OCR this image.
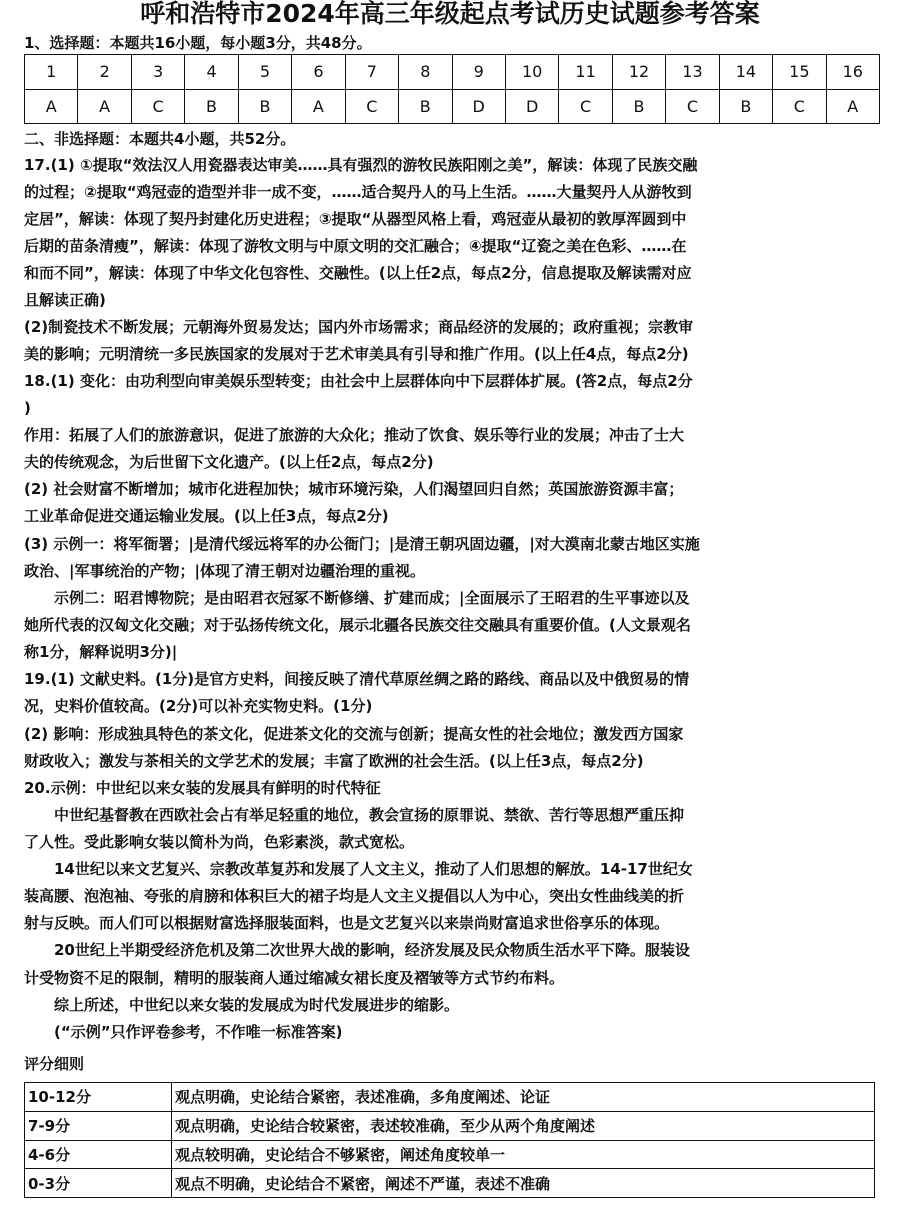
呼和浩特市2024年高三年级起点考试历史试题参考答案
1、选择题：本题共16小题，每小题3分，共48分。
1	2	3	4	5	6	7	8	9	10	11	12	13	14	15	16
A	A	C	B	B	A	C	B	D	D	C	B	C	B	C	A
二、非选择题：本题共4小题，共52分。
17.(1) ①提取“效法汉人用瓷器表达审美……具有强烈的游牧民族阳刚之美”，解读：体现了民族交融
的过程；②提取“鸡冠壶的造型并非一成不变，……适合契丹人的马上生活。……大量契丹人从游牧到
定居”，解读：体现了契丹封建化历史进程；③提取“从器型风格上看，鸡冠壶从最初的敦厚浑圆到中
后期的苗条清瘦”，解读：体现了游牧文明与中原文明的交汇融合；④提取“辽瓷之美在色彩、……在
和而不同”，解读：体现了中华文化包容性、交融性。(以上任2点，每点2分，信息提取及解读需对应
且解读正确)
(2)制瓷技术不断发展；元朝海外贸易发达；国内外市场需求；商品经济的发展的；政府重视；宗教审
美的影响；元明清统一多民族国家的发展对于艺术审美具有引导和推广作用。(以上任4点，每点2分)
18.(1) 变化：由功利型向审美娱乐型转变；由社会中上层群体向中下层群体扩展。(答2点，每点2分
)
作用：拓展了人们的旅游意识，促进了旅游的大众化；推动了饮食、娱乐等行业的发展；冲击了士大
夫的传统观念，为后世留下文化遗产。(以上任2点，每点2分)
(2) 社会财富不断增加；城市化进程加快；城市环境污染，人们渴望回归自然；英国旅游资源丰富；
工业革命促进交通运输业发展。(以上任3点，每点2分)
(3) 示例一：将军衙署；|是清代绥远将军的办公衙门；|是清王朝巩固边疆，|对大漠南北蒙古地区实施
政治、|军事统治的产物；|体现了清王朝对边疆治理的重视。
示例二：昭君博物院；是由昭君衣冠冢不断修缮、扩建而成；|全面展示了王昭君的生平事迹以及
她所代表的汉匈文化交融；对于弘扬传统文化，展示北疆各民族交往交融具有重要价值。(人文景观名
称1分，解释说明3分)|
19.(1) 文献史料。(1分)是官方史料，间接反映了清代草原丝绸之路的路线、商品以及中俄贸易的情
况，史料价值较高。(2分)可以补充实物史料。(1分)
(2) 影响：形成独具特色的茶文化，促进茶文化的交流与创新；提高女性的社会地位；激发西方国家
财政收入；激发与茶相关的文学艺术的发展；丰富了欧洲的社会生活。(以上任3点，每点2分)
20.示例：中世纪以来女装的发展具有鲜明的时代特征
中世纪基督教在西欧社会占有举足轻重的地位，教会宣扬的原罪说、禁欲、苦行等思想严重压抑
了人性。受此影响女装以简朴为尚，色彩素淡，款式宽松。
14世纪以来文艺复兴、宗教改革复苏和发展了人文主义，推动了人们思想的解放。14-17世纪女
装高腰、泡泡袖、夸张的肩膀和体积巨大的裙子均是人文主义提倡以人为中心，突出女性曲线美的折
射与反映。而人们可以根据财富选择服装面料，也是文艺复兴以来崇尚财富追求世俗享乐的体现。
20世纪上半期受经济危机及第二次世界大战的影响，经济发展及民众物质生活水平下降。服装设
计受物资不足的限制，精明的服装商人通过缩减女裙长度及褶皱等方式节约布料。
综上所述，中世纪以来女装的发展成为时代发展进步的缩影。
(“示例”只作评卷参考，不作唯一标准答案)
评分细则
10-12分	观点明确，史论结合紧密，表述准确，多角度阐述、论证
7-9分	观点明确，史论结合较紧密，表述较准确，至少从两个角度阐述
4-6分	观点较明确，史论结合不够紧密，阐述角度较单一
0-3分	观点不明确，史论结合不紧密，阐述不严谨，表述不准确
